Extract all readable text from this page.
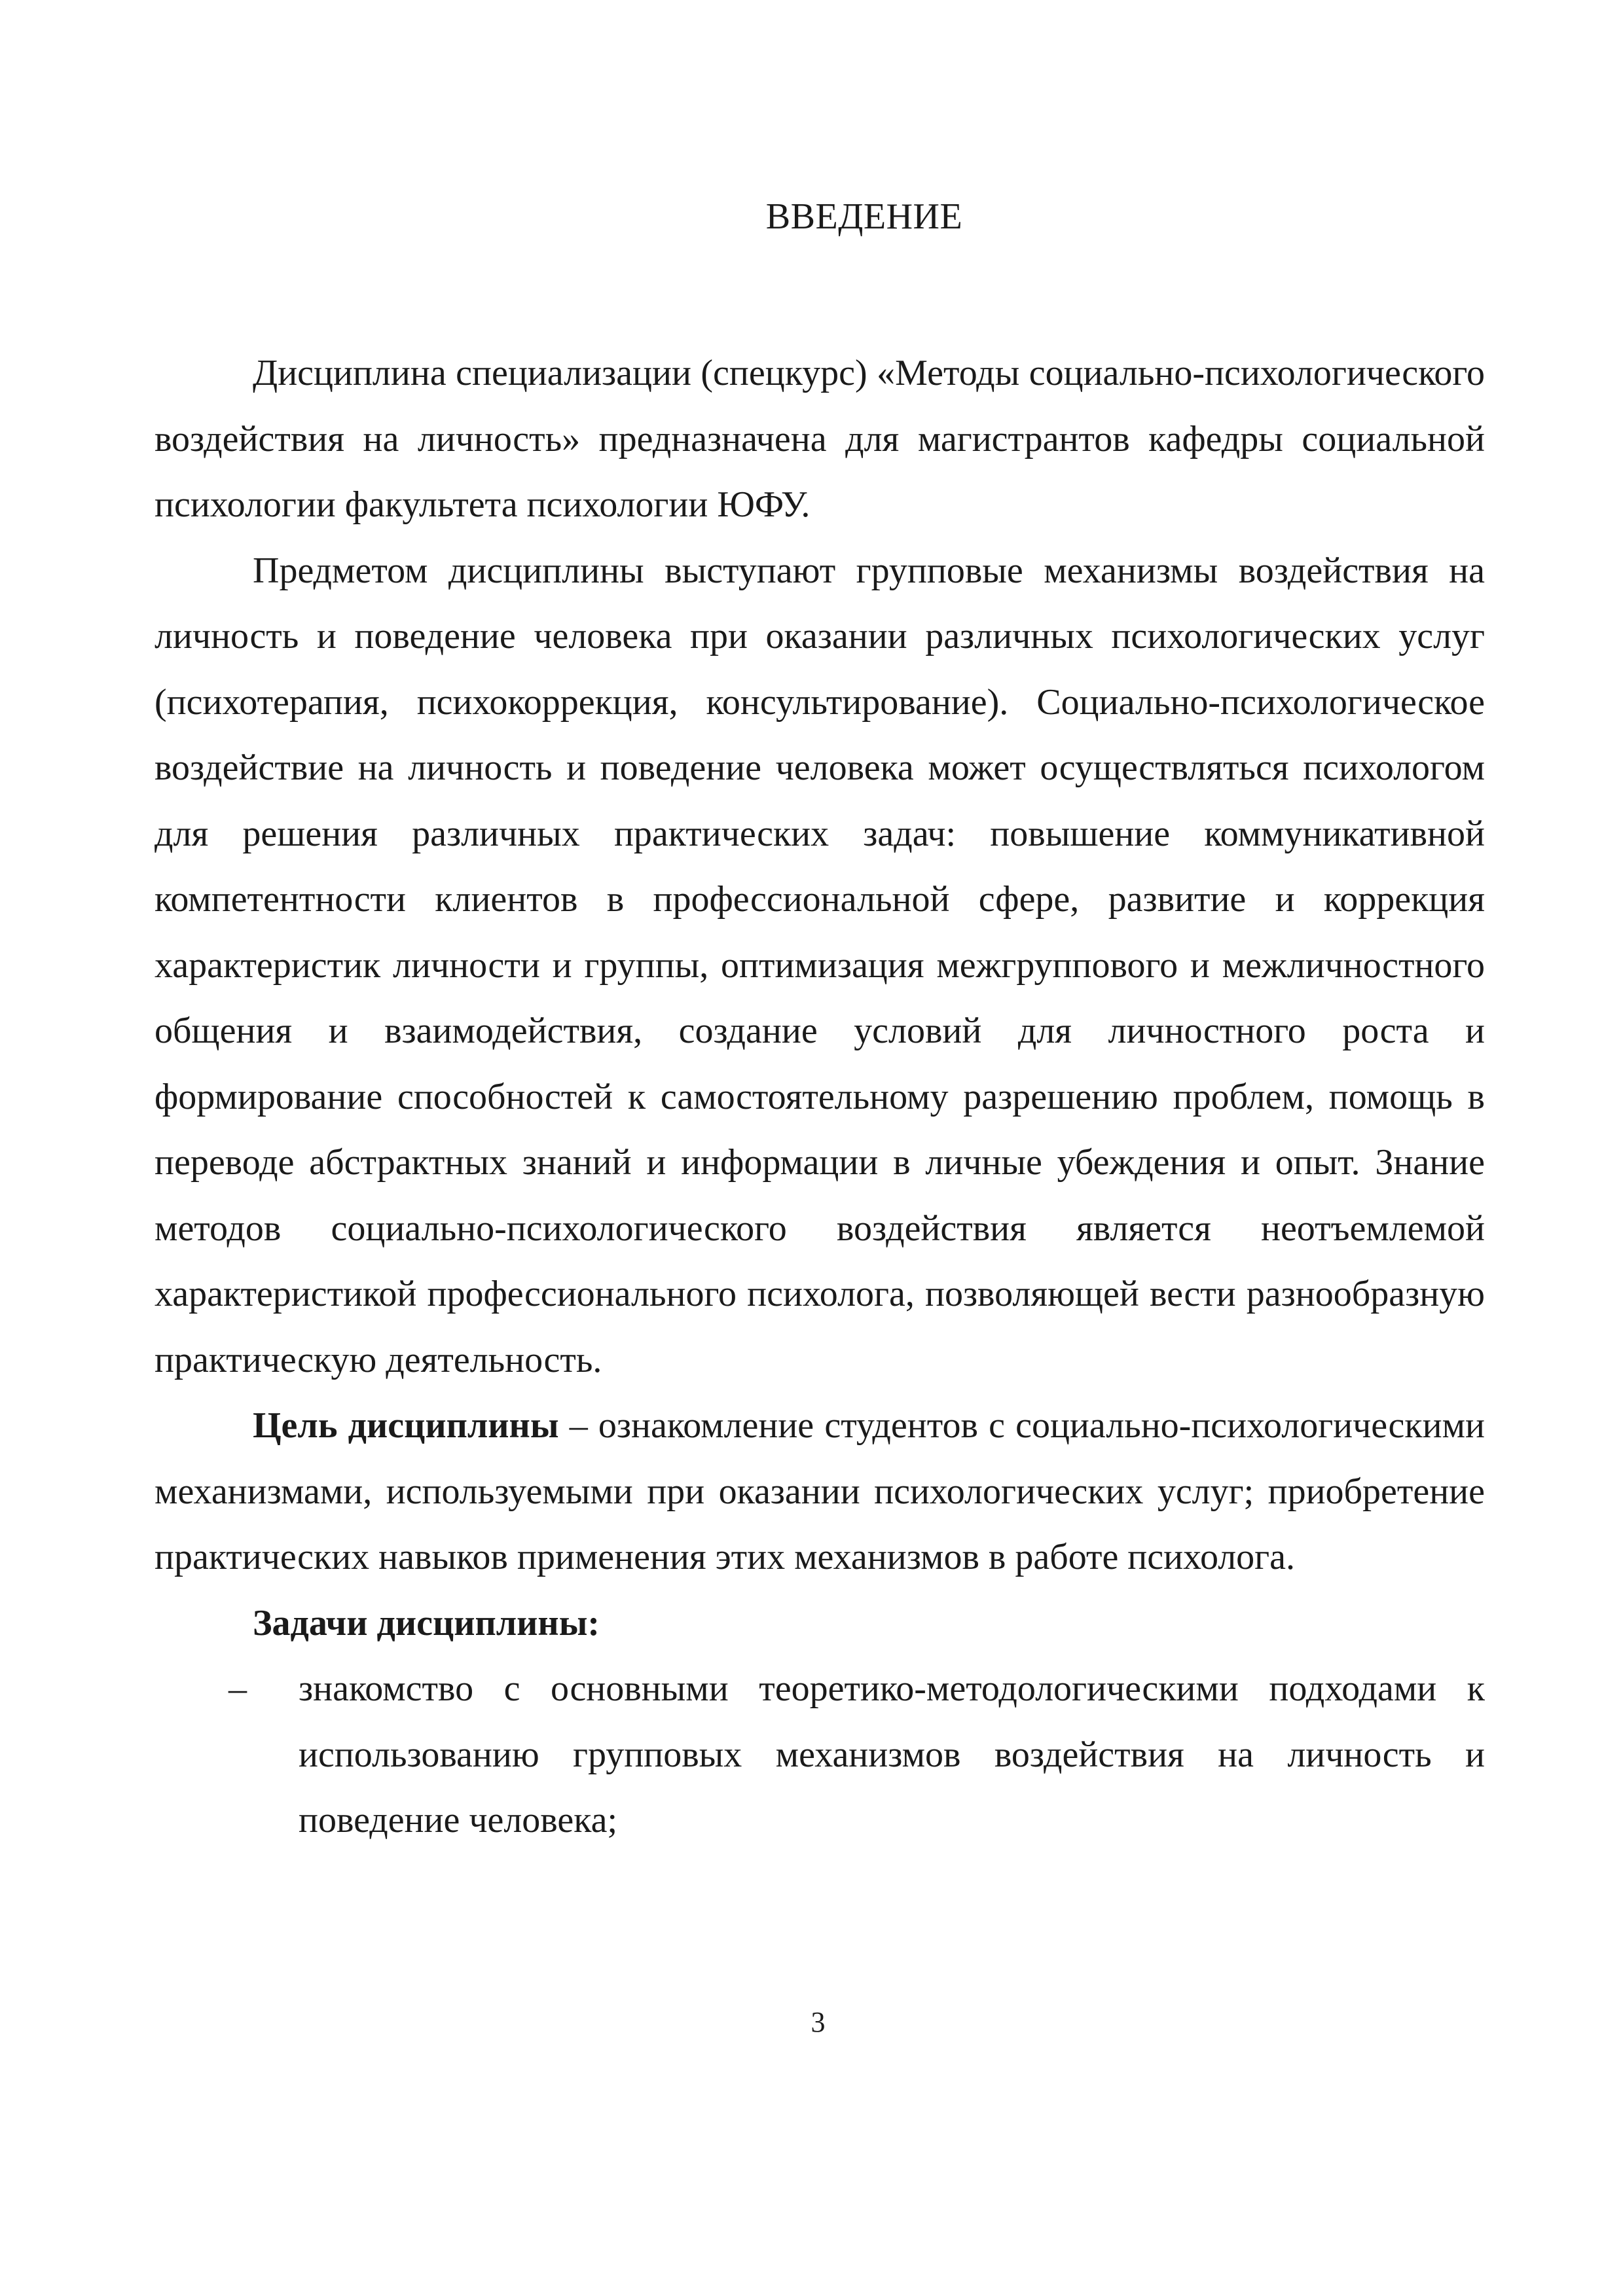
ВВЕДЕНИЕ

Дисциплина специализации (спецкурс) «Методы социально-психологического воздействия на личность» предназначена для магистрантов кафедры социальной психологии факультета психологии ЮФУ.

Предметом дисциплины выступают групповые механизмы воздействия на личность и поведение человека при оказании различных психологических услуг (психотерапия, психокоррекция, консультирование). Социально-психологическое воздействие на личность и поведение человека может осуществляться психологом для решения различных практических задач: повышение коммуникативной компетентности клиентов в профессиональной сфере, развитие и коррекция характеристик личности и группы, оптимизация межгруппового и межличностного общения и взаимодействия, создание условий для личностного роста и формирование способностей к самостоятельному разрешению проблем, помощь в переводе абстрактных знаний и информации в личные убеждения и опыт. Знание методов социально-психологического воздействия является неотъемлемой характеристикой профессионального психолога, позволяющей вести разнообразную практическую деятельность.

Цель дисциплины – ознакомление студентов с социально-психологическими механизмами, используемыми при оказании психологических услуг; приобретение практических навыков применения этих механизмов в работе психолога.

Задачи дисциплины:

– знакомство с основными теоретико-методологическими подходами к использованию групповых механизмов воздействия на личность и поведение человека;
3
